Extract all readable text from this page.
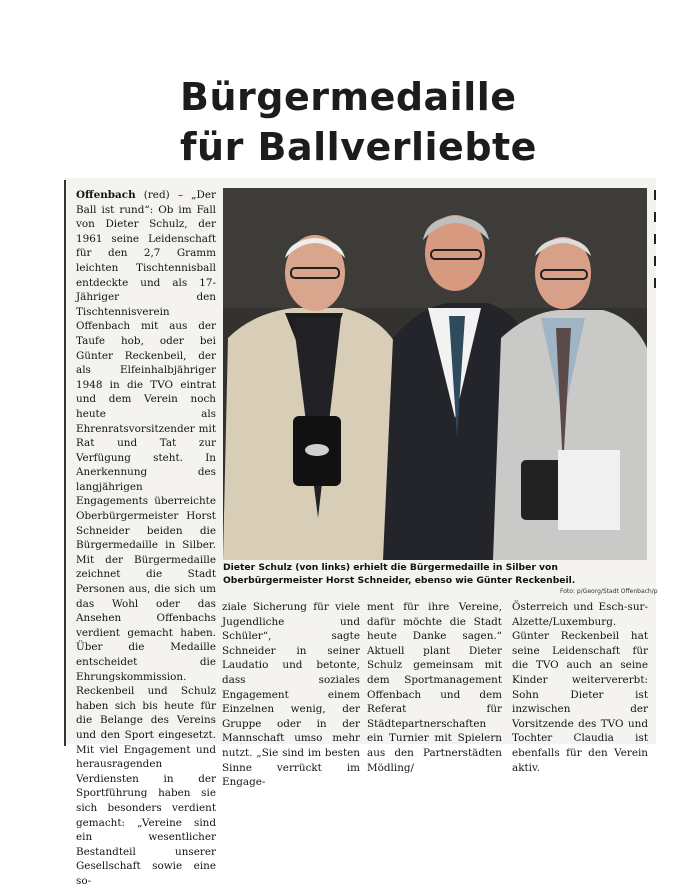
Bürgermedaille für Ballverliebte

Offenbach (red) – „Der Ball ist rund“: Ob im Fall von Dieter Schulz, der 1961 seine Leidenschaft für den 2,7 Gramm leichten Tischtennisball entdeckte und als 17-Jähriger den Tischtennisverein Offenbach mit aus der Taufe hob, oder bei Günter Reckenbeil, der als Elfeinhalbjähriger 1948 in die TVO eintrat und dem Verein noch heute als Ehrenratsvorsitzender mit Rat und Tat zur Verfügung steht. In Anerkennung des langjährigen Engagements überreichte Oberbürgermeister Horst Schneider beiden die Bürgermedaille in Silber. Mit der Bürgermedaille zeichnet die Stadt Personen aus, die sich um das Wohl oder das Ansehen Offenbachs verdient gemacht haben. Über die Medaille entscheidet die Ehrungskommission. Reckenbeil und Schulz haben sich bis heute für die Belange des Vereins und den Sport eingesetzt. Mit viel Engagement und herausragenden Verdiensten in der Sportführung haben sie sich besonders verdient gemacht: „Vereine sind ein wesentlicher Bestandteil unserer Gesellschaft sowie eine so-

Dieter Schulz (von links) erhielt die Bürgermedaille in Silber von Oberbürgermeister Horst Schneider, ebenso wie Günter Reckenbeil.

Foto: p/Georg/Stadt Offenbach/p

ziale Sicherung für viele Jugendliche und Schüler“, sagte Schneider in seiner Laudatio und betonte, dass soziales Engagement einem Einzelnen wenig, der Gruppe oder in der Mannschaft umso mehr nutzt. „Sie sind im besten Sinne verrückt im Engage-

ment für ihre Vereine, dafür möchte die Stadt heute Danke sagen.“ Aktuell plant Dieter Schulz gemeinsam mit dem Sportmanagement Offenbach und dem Referat für Städtepartnerschaften ein Turnier mit Spielern aus den Partnerstädten Mödling/

Österreich und Esch-sur-Alzette/Luxemburg. Günter Reckenbeil hat seine Leidenschaft für die TVO auch an seine Kinder weitervererbt: Sohn Dieter ist inzwischen der Vorsitzende des TVO und Tochter Claudia ist ebenfalls für den Verein aktiv.
